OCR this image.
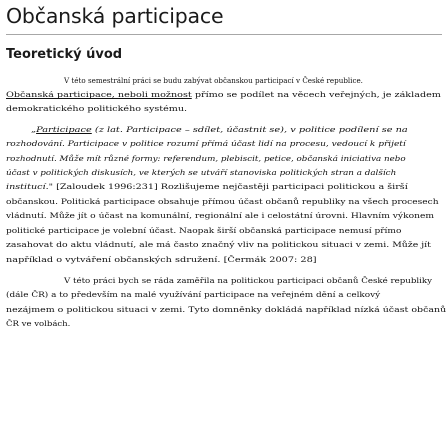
Občanská participace
Teoretický úvod
V této semestrální práci se budu zabývat občanskou participací v České republice.
Občanská participace, neboli možnost přímo se podílet na věcech veřejných, je základem
demokratického politického systému.
„Participace (z lat. Participace – sdílet, účastnit se), v politice podílení se na
rozhodování. Participace v politice rozumí přímá účast lidí na procesu, vedoucí k přijetí
rozhodnutí. Může mít různé formy: referendum, plebiscit, petice, občanská iniciativa nebo
účast v politických diskusích, ve kterých se utváří stanoviska politických stran a dalších
institucí." [Zaloudek 1996:231] Rozlišujeme nejčastěji participaci politickou a širší
občanskou. Politická participace obsahuje přímou účast občanů republiky na všech procesech
vládnutí. Může jít o účast na komunální, regionální ale i celostátní úrovni. Hlavním výkonem
politické participace je volební účast. Naopak širší občanská participace nemusí přímo
zasahovat do aktu vládnutí, ale má často značný vliv na politickou situaci v zemi. Může jít
například o vytváření občanských sdružení. [Čermák 2007: 28]
V této práci bych se ráda zaměřila na politickou participaci občanů České republiky
(dále ČR) a to především na malé využívání participace na veřejném dění a celkový
nezájmem o politickou situaci v zemi. Tyto domněnky dokládá například nízká účast občanů
ČR ve volbách.
